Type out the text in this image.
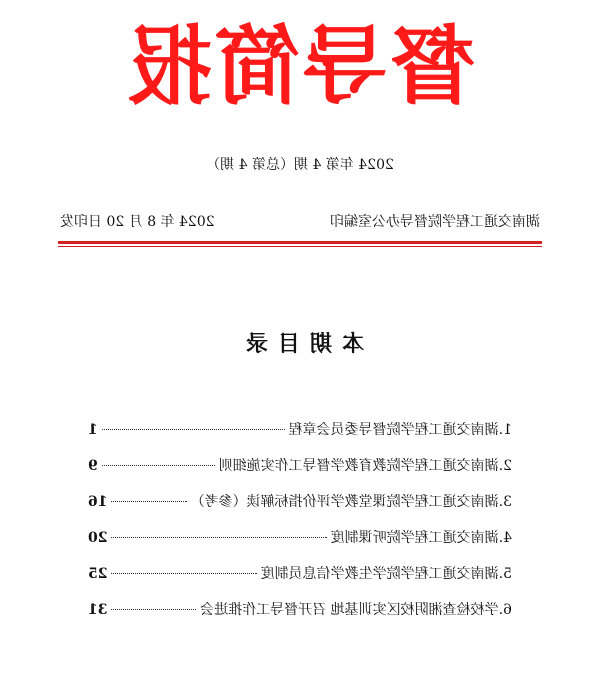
督导简报
2024 年第 4 期（总第 4 期）
湖南交通工程学院督导办公室编印
2024 年 8 月 20 日印发
本期目录
1.湖南交通工程学院督导委员会章程
1
2.湖南交通工程学院教育教学督导工作实施细则
9
3.湖南交通工程学院课堂教学评价指标解读（参考）
16
4.湖南交通工程学院听课制度
20
5.湖南交通工程学院学生教学信息员制度
25
6.学校检查湘阴校区实训基地 召开督导工作推进会
31
